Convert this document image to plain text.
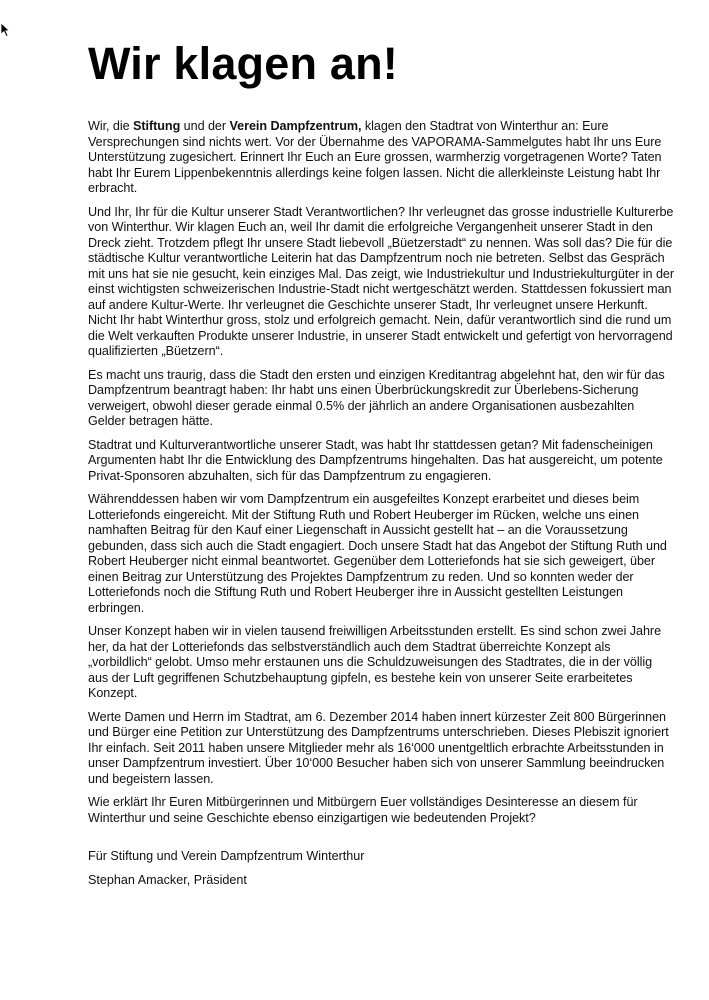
Wir klagen an!

Wir, die Stiftung und der Verein Dampfzentrum, klagen den Stadtrat von Winterthur an: Eure Versprechungen sind nichts wert. Vor der Übernahme des VAPORAMA-Sammelgutes habt Ihr uns Eure Unterstützung zugesichert. Erinnert Ihr Euch an Eure grossen, warmherzig vorgetragenen Worte? Taten habt Ihr Eurem Lippenbekenntnis allerdings keine folgen lassen. Nicht die allerkleinste Leistung habt Ihr erbracht.

Und Ihr, Ihr für die Kultur unserer Stadt Verantwortlichen? Ihr verleugnet das grosse industrielle Kulturerbe von Winterthur. Wir klagen Euch an, weil Ihr damit die erfolgreiche Vergangenheit unserer Stadt in den Dreck zieht. Trotzdem pflegt Ihr unsere Stadt liebevoll „Büetzerstadt“ zu nennen. Was soll das? Die für die städtische Kultur verantwortliche Leiterin hat das Dampfzentrum noch nie betreten. Selbst das Gespräch mit uns hat sie nie gesucht, kein einziges Mal. Das zeigt, wie Industriekultur und Industriekulturgüter in der einst wichtigsten schweizerischen Industrie-Stadt nicht wertgeschätzt werden. Stattdessen fokussiert man auf andere Kultur-Werte. Ihr verleugnet die Geschichte unserer Stadt, Ihr verleugnet unsere Herkunft. Nicht Ihr habt Winterthur gross, stolz und erfolgreich gemacht. Nein, dafür verantwortlich sind die rund um die Welt verkauften Produkte unserer Industrie, in unserer Stadt entwickelt und gefertigt von hervorragend qualifizierten „Büetzern“.

Es macht uns traurig, dass die Stadt den ersten und einzigen Kreditantrag abgelehnt hat, den wir für das Dampfzentrum beantragt haben: Ihr habt uns einen Überbrückungskredit zur Überlebens-Sicherung verweigert, obwohl dieser gerade einmal 0.5% der jährlich an andere Organisationen ausbezahlten Gelder betragen hätte.

Stadtrat und Kulturverantwortliche unserer Stadt, was habt Ihr stattdessen getan? Mit fadenscheinigen Argumenten habt Ihr die Entwicklung des Dampfzentrums hingehalten. Das hat ausgereicht, um potente Privat-Sponsoren abzuhalten, sich für das Dampfzentrum zu engagieren.

Währenddessen haben wir vom Dampfzentrum ein ausgefeiltes Konzept erarbeitet und dieses beim Lotteriefonds eingereicht. Mit der Stiftung Ruth und Robert Heuberger im Rücken, welche uns einen namhaften Beitrag für den Kauf einer Liegenschaft in Aussicht gestellt hat – an die Voraussetzung gebunden, dass sich auch die Stadt engagiert. Doch unsere Stadt hat das Angebot der Stiftung Ruth und Robert Heuberger nicht einmal beantwortet. Gegenüber dem Lotteriefonds hat sie sich geweigert, über einen Beitrag zur Unterstützung des Projektes Dampfzentrum zu reden. Und so konnten weder der Lotteriefonds noch die Stiftung Ruth und Robert Heuberger ihre in Aussicht gestellten Leistungen erbringen.

Unser Konzept haben wir in vielen tausend freiwilligen Arbeitsstunden erstellt. Es sind schon zwei Jahre her, da hat der Lotteriefonds das selbstverständlich auch dem Stadtrat überreichte Konzept als „vorbildlich“ gelobt. Umso mehr erstaunen uns die Schuldzuweisungen des Stadtrates, die in der völlig aus der Luft gegriffenen Schutzbehauptung gipfeln, es bestehe kein von unserer Seite erarbeitetes Konzept.

Werte Damen und Herrn im Stadtrat, am 6. Dezember 2014 haben innert kürzester Zeit 800 Bürgerinnen und Bürger eine Petition zur Unterstützung des Dampfzentrums unterschrieben. Dieses Plebiszit ignoriert Ihr einfach. Seit 2011 haben unsere Mitglieder mehr als 16‘000 unentgeltlich erbrachte Arbeitsstunden in unser Dampfzentrum investiert. Über 10‘000 Besucher haben sich von unserer Sammlung beeindrucken und begeistern lassen.

Wie erklärt Ihr Euren Mitbürgerinnen und Mitbürgern Euer vollständiges Desinteresse an diesem für Winterthur und seine Geschichte ebenso einzigartigen wie bedeutenden Projekt?

Für Stiftung und Verein Dampfzentrum Winterthur
Stephan Amacker, Präsident
